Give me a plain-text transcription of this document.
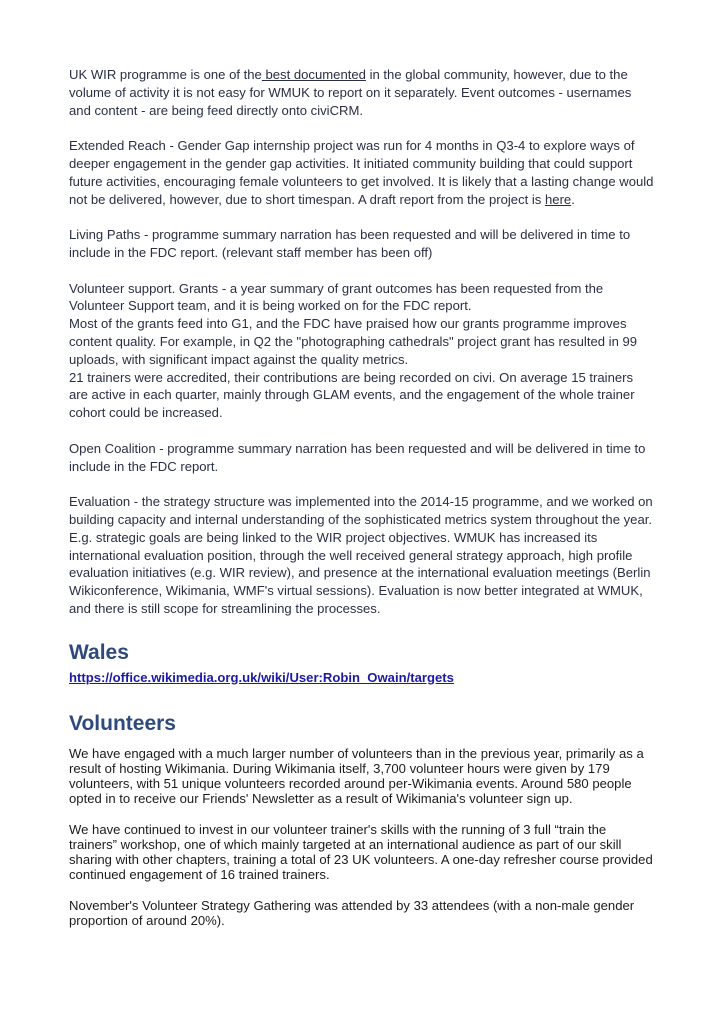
UK WIR programme is one of the best documented in the global community, however, due to the volume of activity it is not easy for WMUK to report on it separately. Event outcomes - usernames and content - are being feed directly onto civiCRM.

Extended Reach - Gender Gap internship project was run for 4 months in Q3-4 to explore ways of deeper engagement in the gender gap activities. It initiated community building that could support future activities, encouraging female volunteers to get involved. It is likely that a lasting change would not be delivered, however, due to short timespan. A draft report from the project is here.

Living Paths - programme summary narration has been requested and will be delivered in time to include in the FDC report. (relevant staff member has been off)

Volunteer support. Grants - a year summary of grant outcomes has been requested from the Volunteer Support team, and it is being worked on for the FDC report.
Most of the grants feed into G1, and the FDC have praised how our grants programme improves content quality. For example, in Q2 the "photographing cathedrals" project grant has resulted in 99 uploads, with significant impact against the quality metrics.
21 trainers were accredited, their contributions are being recorded on civi. On average 15 trainers are active in each quarter, mainly through GLAM events, and the engagement of the whole trainer cohort could be increased.

Open Coalition - programme summary narration has been requested and will be delivered in time to include in the FDC report.

Evaluation - the strategy structure was implemented into the 2014-15 programme, and we worked on building capacity and internal understanding of the sophisticated metrics system throughout the year. E.g. strategic goals are being linked to the WIR project objectives. WMUK has increased its international evaluation position, through the well received general strategy approach, high profile evaluation initiatives (e.g. WIR review), and presence at the international evaluation meetings (Berlin Wikiconference, Wikimania, WMF's virtual sessions). Evaluation is now better integrated at WMUK, and there is still scope for streamlining the processes.

Wales
https://office.wikimedia.org.uk/wiki/User:Robin_Owain/targets
Volunteers

We have engaged with a much larger number of volunteers than in the previous year, primarily as a result of hosting Wikimania. During Wikimania itself, 3,700 volunteer hours were given by 179 volunteers, with 51 unique volunteers recorded around per-Wikimania events. Around 580 people opted in to receive our Friends' Newsletter as a result of Wikimania's volunteer sign up.

We have continued to invest in our volunteer trainer's skills with the running of 3 full “train the trainers” workshop, one of which mainly targeted at an international audience as part of our skill sharing with other chapters, training a total of 23 UK volunteers. A one-day refresher course provided continued engagement of 16 trained trainers.

November's Volunteer Strategy Gathering was attended by 33 attendees (with a non-male gender proportion of around 20%).
